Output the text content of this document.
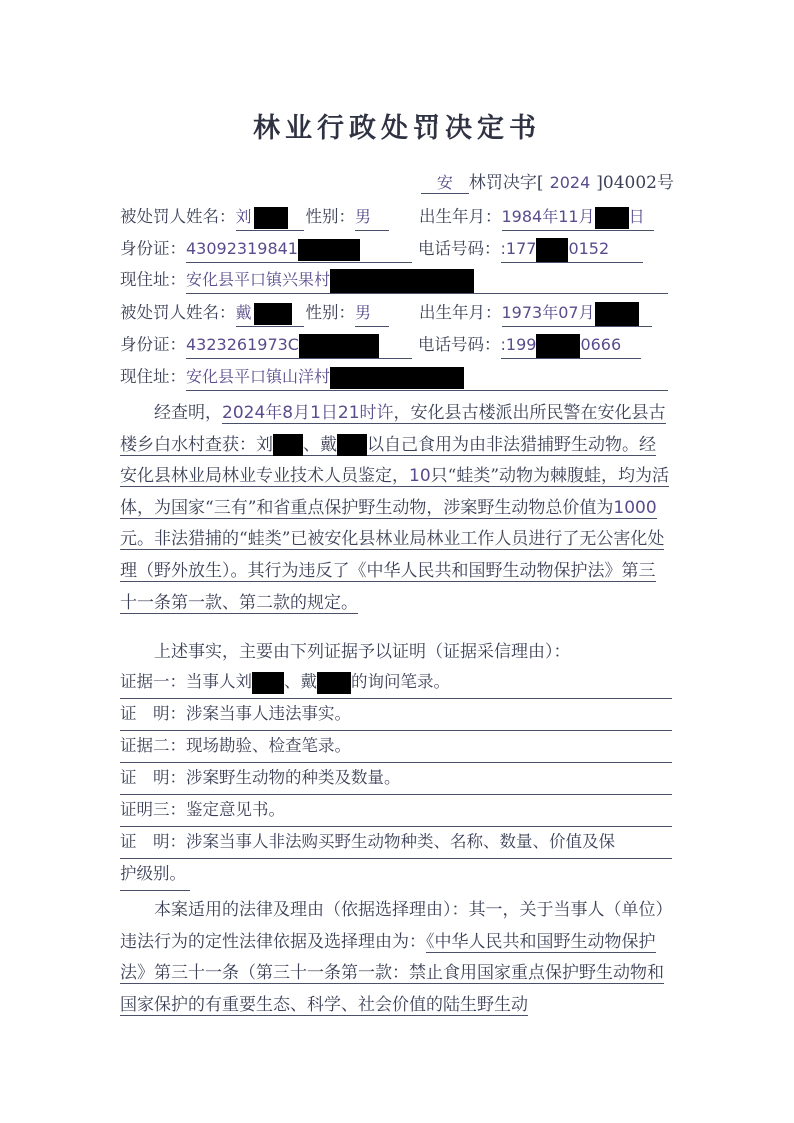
林业行政处罚决定书
安 林罚决字[ 2024 ]04002号
被处罚人姓名：刘	性别：男	出生年月：1984年11月 日
身份证：43092319841	电话号码：:177 0152
现住址：安化县平口镇兴果村
被处罚人姓名：戴	性别：男	出生年月：1973年07月
身份证：4323261973C	电话号码：:199	0666
现住址：安化县平口镇山洋村
经查明，2024年8月1日21时许，安化县古楼派出所民警在安化县古楼乡白水村查获：刘 、戴 以自己食用为由非法猎捕野生动物。经安化县林业局林业专业技术人员鉴定，10只“蛙类”动物为棘腹蛙，均为活体，为国家“三有”和省重点保护野生动物，涉案野生动物总价值为1000元。非法猎捕的“蛙类”已被安化县林业局林业工作人员进行了无公害化处理（野外放生）。其行为违反了《中华人民共和国野生动物保护法》第三十一条第一款、第二款的规定。
上述事实，主要由下列证据予以证明（证据采信理由）：
证据一：当事人刘 、戴 的询问笔录。
证　明：涉案当事人违法事实。
证据二：现场勘验、检查笔录。
证　明：涉案野生动物的种类及数量。
证明三：鉴定意见书。
证　明：涉案当事人非法购买野生动物种类、名称、数量、价值及保
护级别。
本案适用的法律及理由（依据选择理由）：其一，关于当事人（单位）违法行为的定性法律依据及选择理由为：《中华人民共和国野生动物保护法》第三十一条（第三十一条第一款：禁止食用国家重点保护野生动物和国家保护的有重要生态、科学、社会价值的陆生野生动
